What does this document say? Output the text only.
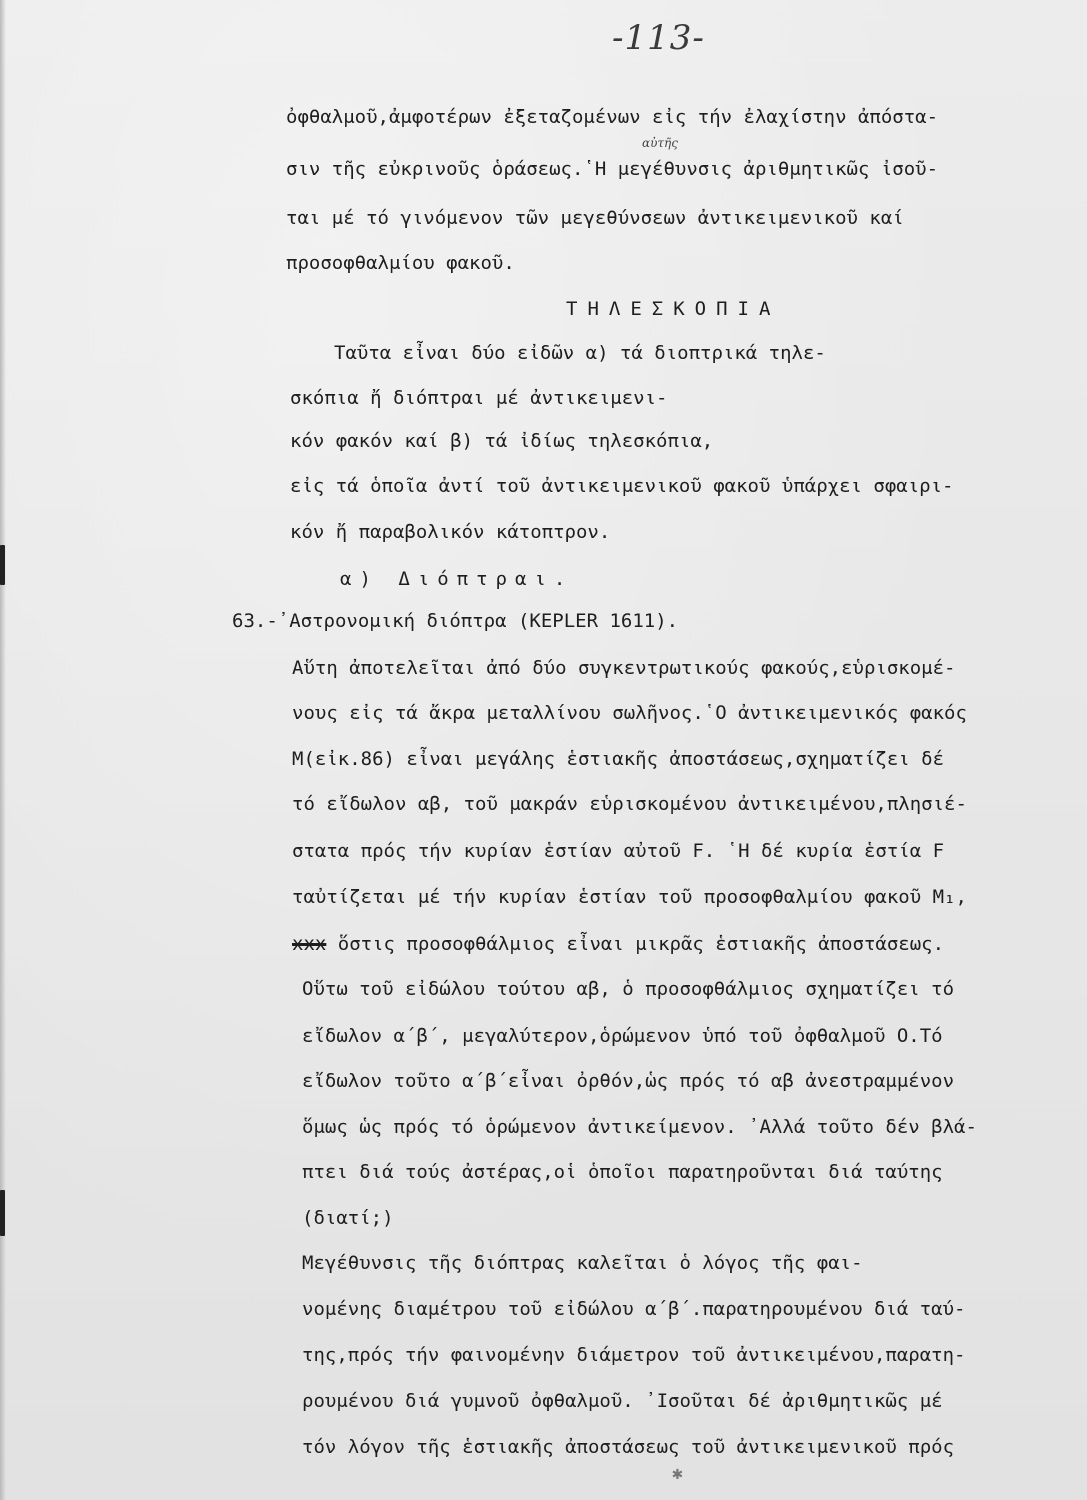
-113-
αὐτῆς
ὀφθαλμοῦ,ἀμφοτέρων ἐξεταζομένων εἰς τήν ἐλαχίστην ἀπόστα-
σιν τῆς εὐκρινοῦς ὁράσεως.῾Η μεγέθυνσις ἀριθμητικῶς ἰσοῦ-
ται μέ τό γινόμενον τῶν μεγεθύνσεων ἀντικειμενικοῦ καί
προσοφθαλμίου φακοῦ.
ΤΗΛΕΣΚΟΠΙΑ
Ταῦτα εἶναι δύο εἰδῶν α) τά διοπτρικά τηλε-
σκόπια ἤ διόπτραι μέ ἀντικειμενι-
κόν φακόν καί β) τά ἰδίως τηλεσκόπια,
εἰς τά ὁποῖα ἀντί τοῦ ἀντικειμενικοῦ φακοῦ ὑπάρχει σφαιρι-
κόν ἤ παραβολικόν κάτοπτρον.
α) Διόπτραι.
63.-᾿Αστρονομική διόπτρα (KEPLER 1611).
Αὕτη ἀποτελεῖται ἀπό δύο συγκεντρωτικούς φακούς,εὑρισκομέ-
νους εἰς τά ἄκρα μεταλλίνου σωλῆνος.῾Ο ἀντικειμενικός φακός
Μ(εἰκ.86) εἶναι μεγάλης ἑστιακῆς ἀποστάσεως,σχηματίζει δέ
τό εἴδωλον αβ, τοῦ μακράν εὑρισκομένου ἀντικειμένου,πλησιέ-
στατα πρός τήν κυρίαν ἑστίαν αὐτοῦ F. ῾Η δέ κυρία ἑστία F
ταὐτίζεται μέ τήν κυρίαν ἑστίαν τοῦ προσοφθαλμίου φακοῦ Μ₁,
xxx ὅστις προσοφθάλμιος εἶναι μικρᾶς ἑστιακῆς ἀποστάσεως.
Οὕτω τοῦ εἰδώλου τούτου αβ, ὁ προσοφθάλμιος σχηματίζει τό
εἴδωλον α΄β΄, μεγαλύτερον,ὁρώμενον ὑπό τοῦ ὀφθαλμοῦ Ο.Τό
εἴδωλον τοῦτο α΄β΄εἶναι ὀρθόν,ὡς πρός τό αβ ἀνεστραμμένον
ὅμως ὡς πρός τό ὁρώμενον ἀντικείμενον. ᾿Αλλά τοῦτο δέν βλά-
πτει διά τούς ἀστέρας,οἱ ὁποῖοι παρατηροῦνται διά ταύτης
(διατί;)
Μεγέθυνσις τῆς διόπτρας καλεῖται ὁ λόγος τῆς φαι-
νομένης διαμέτρου τοῦ εἰδώλου α΄β΄.παρατηρουμένου διά ταύ-
της,πρός τήν φαινομένην διάμετρον τοῦ ἀντικειμένου,παρατη-
ρουμένου διά γυμνοῦ ὀφθαλμοῦ. ᾿Ισοῦται δέ ἀριθμητικῶς μέ
τόν λόγον τῆς ἑστιακῆς ἀποστάσεως τοῦ ἀντικειμενικοῦ πρός
✱
